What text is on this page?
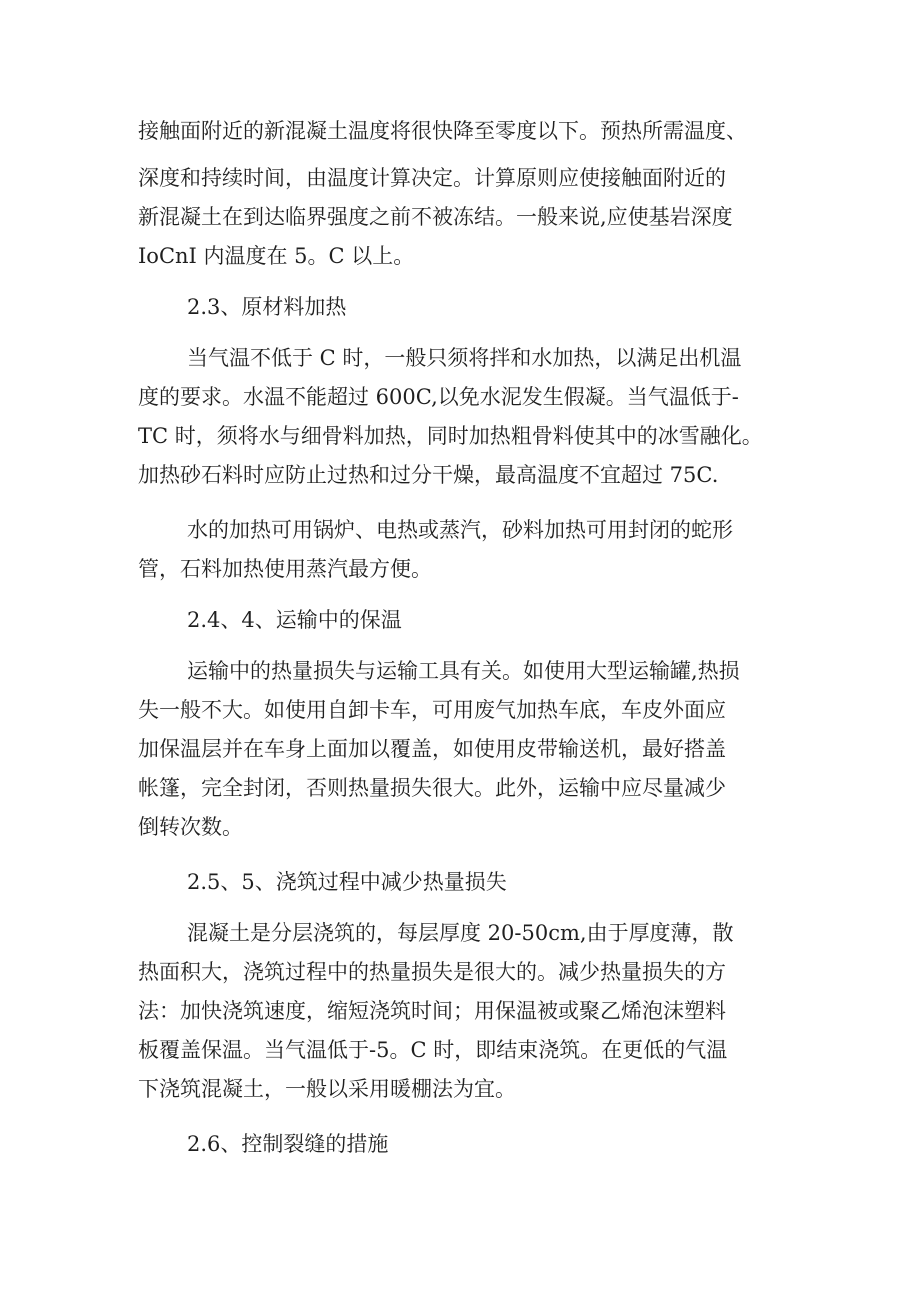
接触面附近的新混凝土温度将很快降至零度以下。预热所需温度、
深度和持续时间，由温度计算决定。计算原则应使接触面附近的
新混凝土在到达临界强度之前不被冻结。一般来说,应使基岩深度
IoCnI 内温度在 5。C 以上。
2.3、原材料加热
当气温不低于 C 时，一般只须将拌和水加热，以满足出机温
度的要求。水温不能超过 600C,以免水泥发生假凝。当气温低于-
TC 时，须将水与细骨料加热，同时加热粗骨料使其中的冰雪融化。
加热砂石料时应防止过热和过分干燥，最高温度不宜超过 75C.
水的加热可用锅炉、电热或蒸汽，砂料加热可用封闭的蛇形
管，石料加热使用蒸汽最方便。
2.4、4、运输中的保温
运输中的热量损失与运输工具有关。如使用大型运输罐,热损
失一般不大。如使用自卸卡车，可用废气加热车底，车皮外面应
加保温层并在车身上面加以覆盖，如使用皮带输送机，最好搭盖
帐篷，完全封闭，否则热量损失很大。此外，运输中应尽量减少
倒转次数。
2.5、5、浇筑过程中减少热量损失
混凝土是分层浇筑的，每层厚度 20-50cm,由于厚度薄，散
热面积大，浇筑过程中的热量损失是很大的。减少热量损失的方
法：加快浇筑速度，缩短浇筑时间；用保温被或聚乙烯泡沫塑料
板覆盖保温。当气温低于-5。C 时，即结束浇筑。在更低的气温
下浇筑混凝土，一般以采用暖棚法为宜。
2.6、控制裂缝的措施
